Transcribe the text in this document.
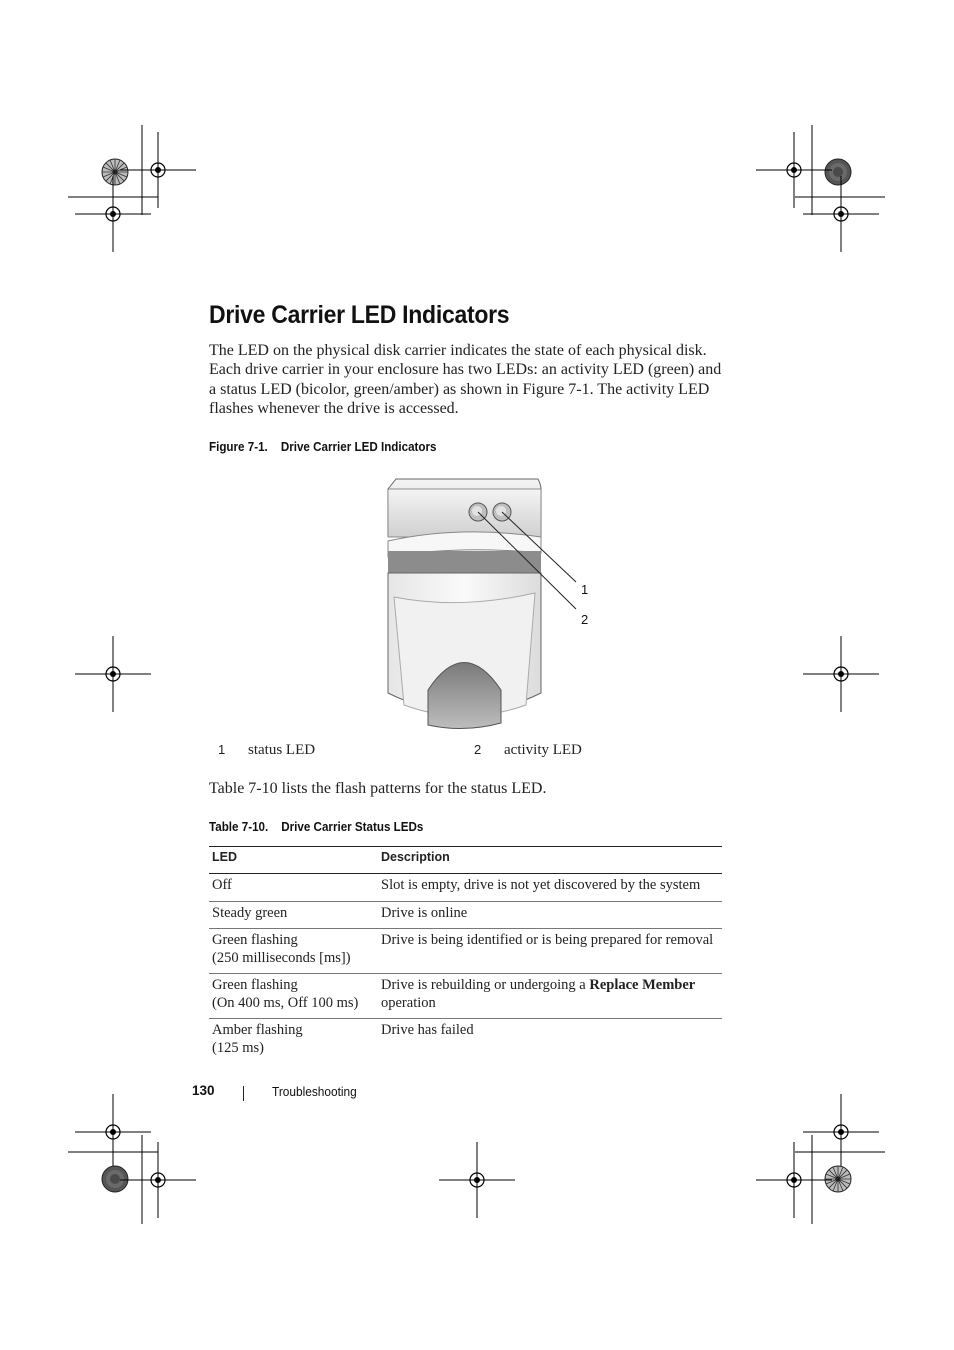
Drive Carrier LED Indicators

The LED on the physical disk carrier indicates the state of each physical disk. Each drive carrier in your enclosure has two LEDs: an activity LED (green) and a status LED (bicolor, green/amber) as shown in Figure 7-1. The activity LED flashes whenever the drive is accessed.

Figure 7-1. Drive Carrier LED Indicators
1
2
1 status LED	2 activity LED

Table 7-10 lists the flash patterns for the status LED.

Table 7-10. Drive Carrier Status LEDs
LED	Description
Off	Slot is empty, drive is not yet discovered by the system
Steady green	Drive is online

Green flashing
(250 milliseconds [ms])	Drive is being identified or is being prepared for removal

Green flashing
(On 400 ms, Off 100 ms)	Drive is rebuilding or undergoing a Replace Member operation

Amber flashing
(125 ms)	Drive has failed
130	Troubleshooting
